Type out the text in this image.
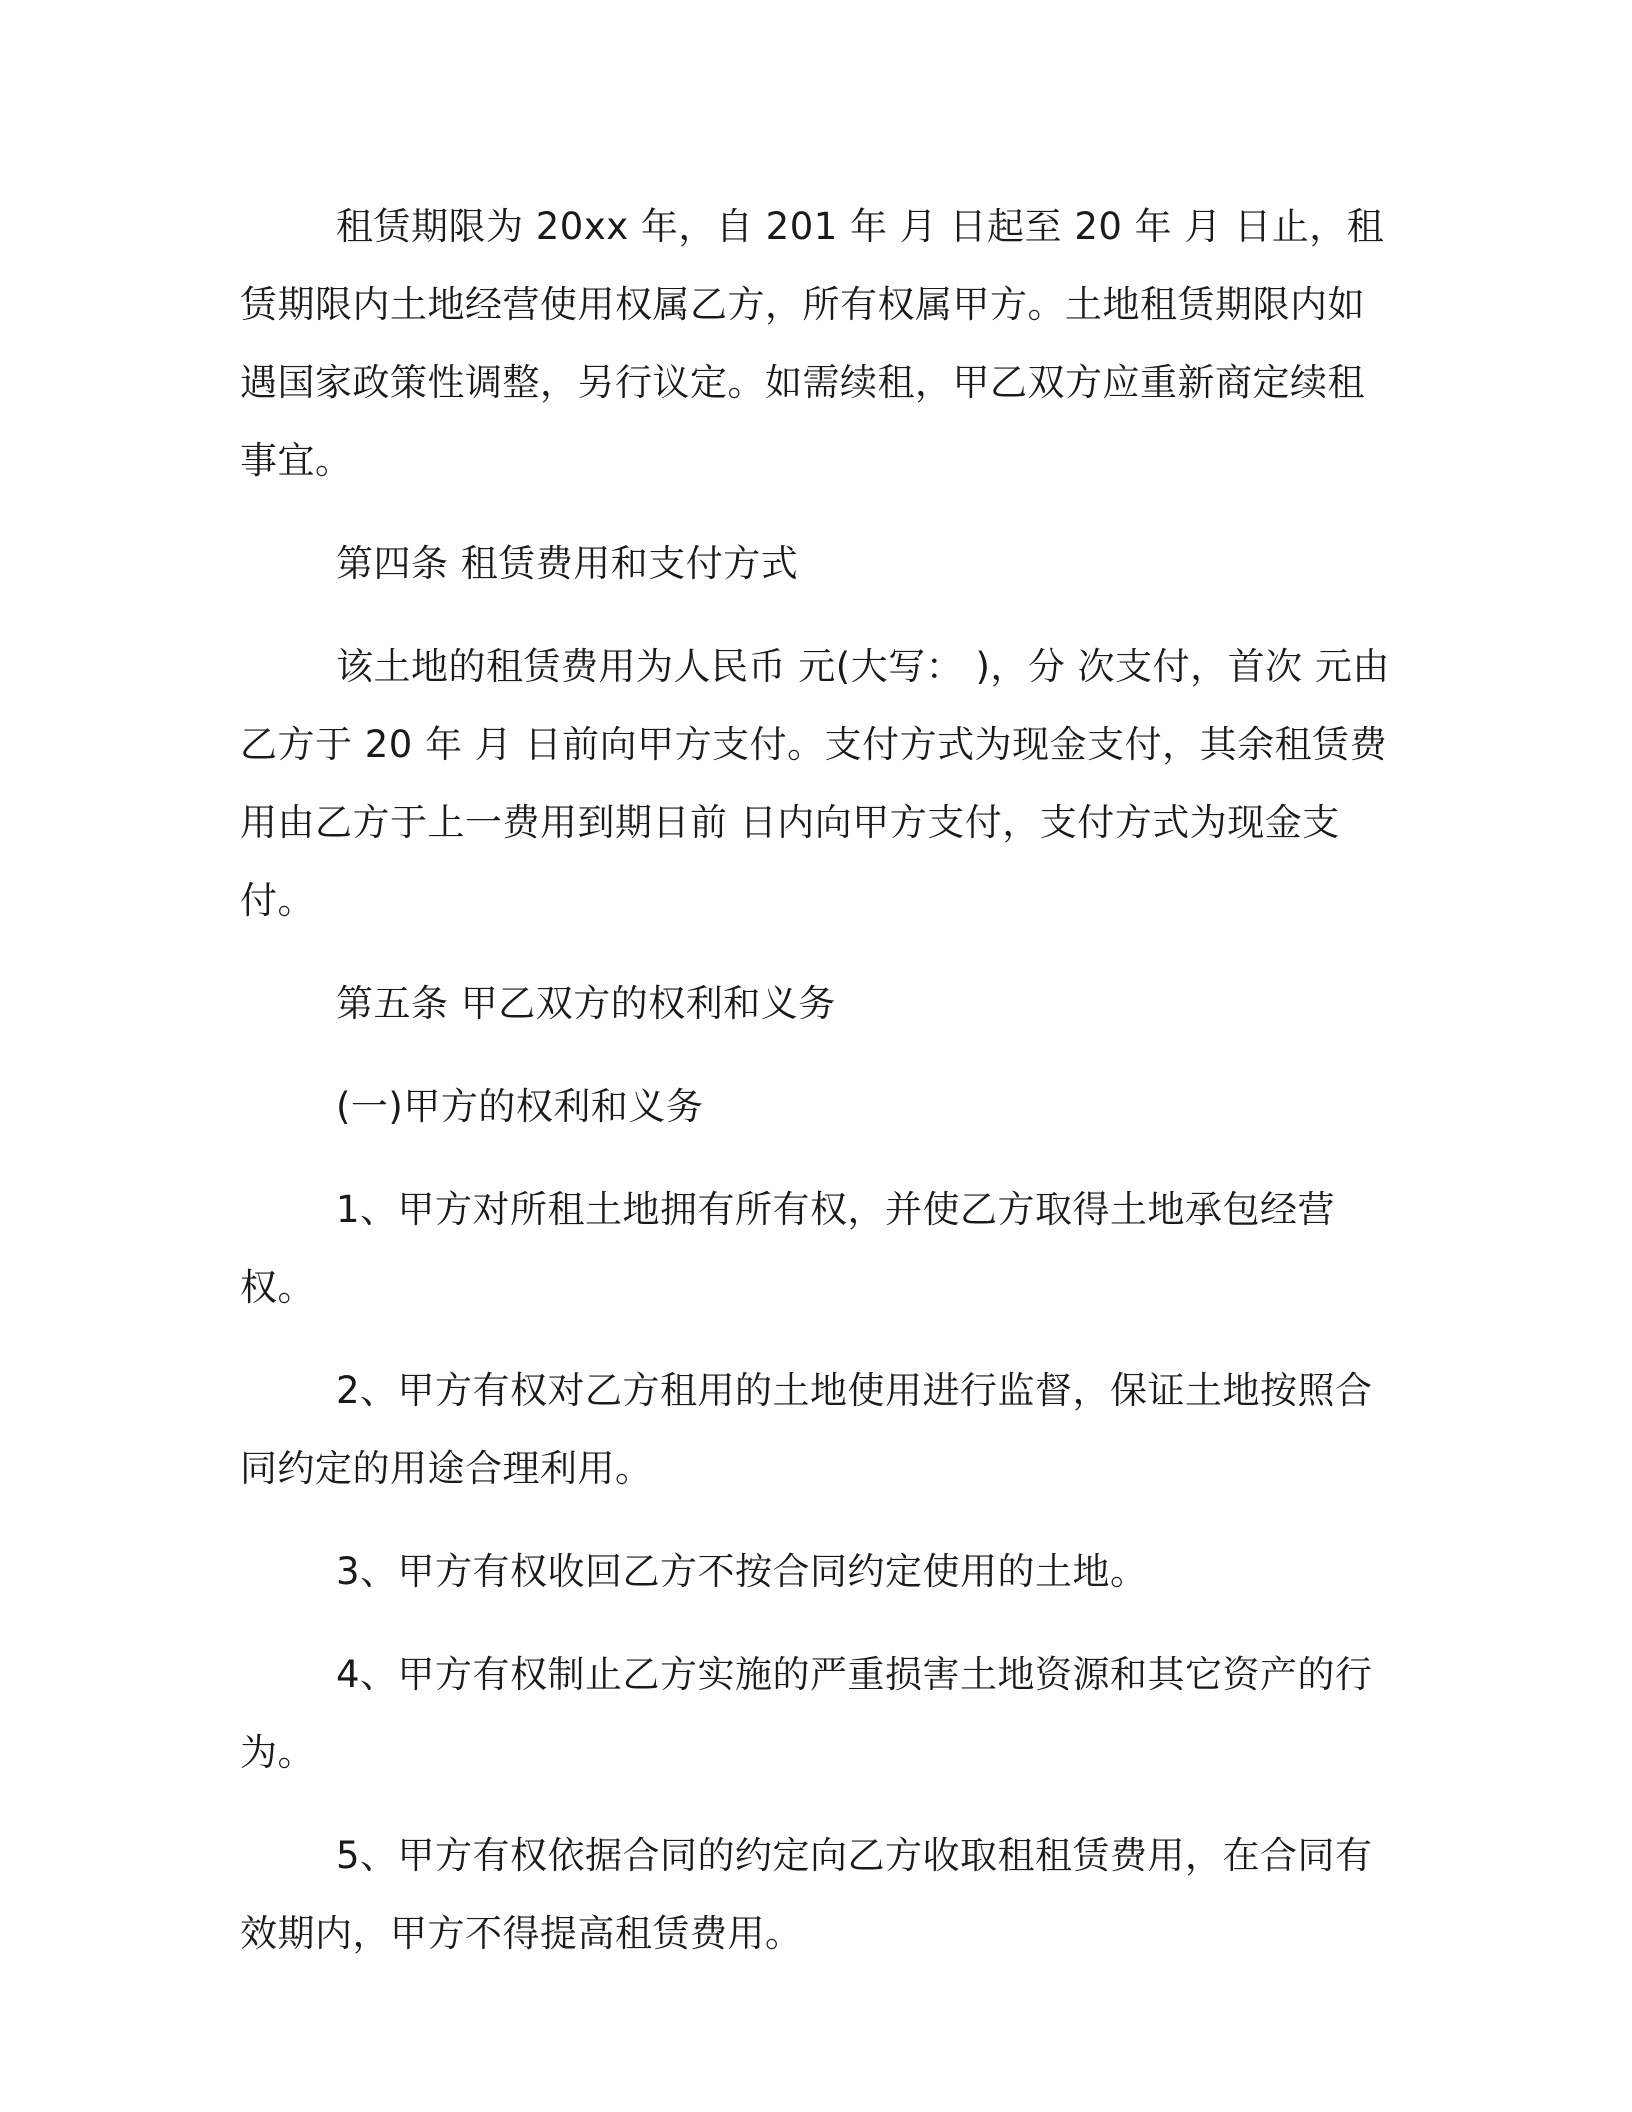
租赁期限为 20xx 年，自 201 年 月 日起至 20 年 月 日止，租赁期限内土地经营使用权属乙方，所有权属甲方。土地租赁期限内如遇国家政策性调整，另行议定。如需续租，甲乙双方应重新商定续租事宜。

第四条 租赁费用和支付方式

该土地的租赁费用为人民币 元(大写： )，分 次支付，首次 元由乙方于 20 年 月 日前向甲方支付。支付方式为现金支付，其余租赁费用由乙方于上一费用到期日前 日内向甲方支付，支付方式为现金支付。

第五条 甲乙双方的权利和义务

(一)甲方的权利和义务

1、甲方对所租土地拥有所有权，并使乙方取得土地承包经营权。

2、甲方有权对乙方租用的土地使用进行监督，保证土地按照合同约定的用途合理利用。

3、甲方有权收回乙方不按合同约定使用的土地。

4、甲方有权制止乙方实施的严重损害土地资源和其它资产的行为。

5、甲方有权依据合同的约定向乙方收取租租赁费用，在合同有效期内，甲方不得提高租赁费用。
